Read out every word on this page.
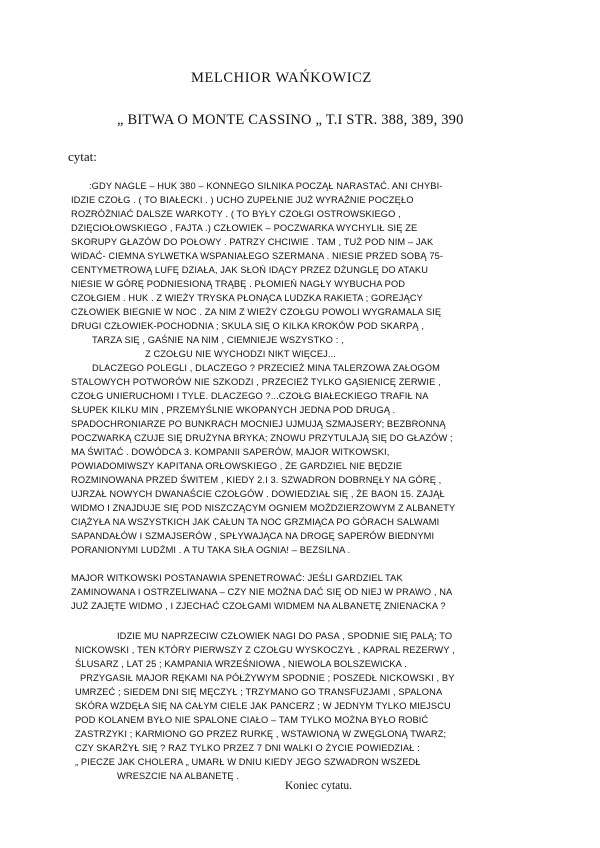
MELCHIOR WAŃKOWICZ
„ BITWA O MONTE CASSINO „ T.I STR. 388, 389, 390
cytat:
:GDY NAGLE – HUK 380 – KONNEGO SILNIKA POCZĄŁ NARASTAĆ. ANI CHYBI-
IDZIE CZOŁG . ( TO BIAŁECKI . ) UCHO ZUPEŁNIE JUŻ WYRAŹNIE POCZĘŁO
ROZRÓŻNIAĆ DALSZE WARKOTY . ( TO BYŁY CZOŁGI OSTROWSKIEGO ,
DZIĘCIOŁOWSKIEGO , FAJTA .) CZŁOWIEK – POCZWARKA WYCHYLIŁ SIĘ ZE
SKORUPY GŁAZÓW DO POŁOWY . PATRZY CHCIWIE . TAM , TUŻ POD NIM – JAK
WIDAĆ- CIEMNA SYLWETKA WSPANIAŁEGO SZERMANA . NIESIE PRZED SOBĄ 75-
CENTYMETROWĄ LUFĘ DZIAŁA, JAK SŁOŃ IDĄCY PRZEZ DŻUNGLĘ DO ATAKU
NIESIE W GÓRĘ PODNIESIONĄ TRĄBĘ . PŁOMIEŃ NAGŁY WYBUCHA POD
CZOŁGIEM . HUK . Z WIEŻY TRYSKA PŁONĄCA LUDZKA RAKIETA ; GOREJĄCY
CZŁOWIEK BIEGNIE W NOC . ZA NIM Z WIEŻY CZOŁGU POWOLI WYGRAMALA SIĘ
DRUGI CZŁOWIEK-POCHODNIA ; SKULA SIĘ O KILKA KROKÓW POD SKARPĄ ,
TARZA SIĘ , GAŚNIE NA NIM , CIEMNIEJE WSZYSTKO : ,
Z CZOŁGU NIE WYCHODZI NIKT WIĘCEJ...
DLACZEGO POLEGLI , DLACZEGO ? PRZECIEŻ MINA TALERZOWA ZAŁOGOM
STALOWYCH POTWORÓW NIE SZKODZI , PRZECIEŻ TYLKO GĄSIENICĘ ZERWIE ,
CZOŁG UNIERUCHOMI I TYLE. DLACZEGO ?...CZOŁG BIAŁECKIEGO TRAFIŁ NA
SŁUPEK KILKU MIN , PRZEMYŚLNIE WKOPANYCH JEDNA POD DRUGĄ .
SPADOCHRONIARZE PO BUNKRACH MOCNIEJ UJMUJĄ SZMAJSERY; BEZBRONNĄ
POCZWARKĄ CZUJE SIĘ DRUŻYNA BRYKA; ZNOWU PRZYTULAJĄ SIĘ DO GŁAZÓW ;
MA ŚWITAĆ . DOWÓDCA 3. KOMPANII SAPERÓW, MAJOR WITKOWSKI,
POWIADOMIWSZY KAPITANA ORŁOWSKIEGO , ŻE GARDZIEL NIE BĘDZIE
ROZMINOWANA PRZED ŚWITEM , KIEDY 2.I 3. SZWADRON DOBRNĘŁY NA GÓRĘ ,
UJRZAŁ NOWYCH DWANAŚCIE CZOŁGÓW . DOWIEDZIAŁ SIĘ , ŻE BAON 15. ZAJĄŁ
WIDMO I ZNAJDUJE SIĘ POD NISZCZĄCYM OGNIEM MOŹDZIERZOWYM Z ALBANETY
CIĄŻYŁA NA WSZYSTKICH JAK CAŁUN TA NOC GRZMIĄCA PO GÓRACH SALWAMI
SAPANDAŁÓW I SZMAJSERÓW , SPŁYWAJĄCA NA DROGĘ SAPERÓW BIEDNYMI
PORANIONYMI LUDŹMI . A TU TAKA SIŁA OGNIA! – BEZSILNA .
MAJOR WITKOWSKI POSTANAWIA SPENETROWAĆ: JEŚLI GARDZIEL TAK
ZAMINOWANA I OSTRZELIWANA – CZY NIE MOŻNA DAĆ SIĘ OD NIEJ W PRAWO , NA
JUŻ ZAJĘTE WIDMO , I ZJECHAĆ CZOŁGAMI WIDMEM NA ALBANETĘ ZNIENACKA ?
IDZIE MU NAPRZECIW CZŁOWIEK NAGI DO PASA , SPODNIE SIĘ PALĄ; TO
NICKOWSKI , TEN KTÓRY PIERWSZY Z CZOŁGU WYSKOCZYŁ , KAPRAL REZERWY ,
ŚLUSARZ , LAT 25 ; KAMPANIA WRZEŚNIOWA , NIEWOLA BOLSZEWICKA .
PRZYGASIŁ MAJOR RĘKAMI NA PÓŁŻYWYM SPODNIE ; POSZEDŁ NICKOWSKI , BY
UMRZEĆ ; SIEDEM DNI SIĘ MĘCZYŁ ; TRZYMANO GO TRANSFUZJAMI , SPALONA
SKÓRA WZDĘŁA SIĘ NA CAŁYM CIELE JAK PANCERZ ; W JEDNYM TYLKO MIEJSCU
POD KOLANEM BYŁO NIE SPALONE CIAŁO – TAM TYLKO MOŻNA BYŁO ROBIĆ
ZASTRZYKI ; KARMIONO GO PRZEZ RURKĘ , WSTAWIONĄ W ZWĘGLONĄ TWARZ;
CZY SKARŻYŁ SIĘ ? RAZ TYLKO PRZEZ 7 DNI WALKI O ŻYCIE POWIEDZIAŁ :
„ PIECZE JAK CHOLERA „ UMARŁ W DNIU KIEDY JEGO SZWADRON WSZEDŁ
WRESZCIE NA ALBANETĘ .
Koniec cytatu.
